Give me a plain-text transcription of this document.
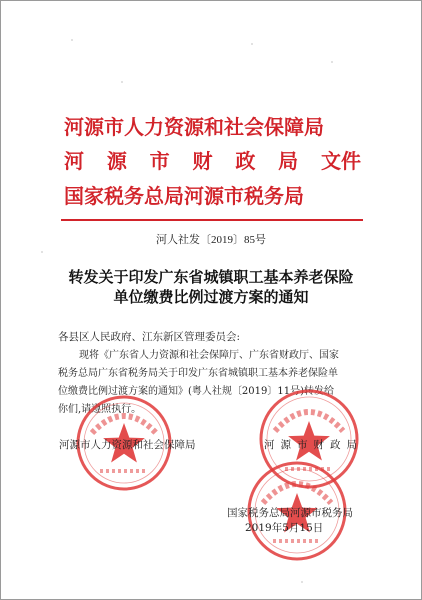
河源市人力资源和社会保障局
河 源 市 财 政 局 文件
国家税务总局河源市税务局
河人社发〔2019〕85号
转发关于印发广东省城镇职工基本养老保险
单位缴费比例过渡方案的通知
各县区人民政府、江东新区管理委员会:
现将《广东省人力资源和社会保障厅、广东省财政厅、国家
税务总局广东省税务局关于印发广东省城镇职工基本养老保险单
位缴费比例过渡方案的通知》(粤人社规〔2019〕11号)转发给
你们,请遵照执行。
河源市人力资源和社会保障局	河源市财政局
国家税务总局河源市税务局
2019年5月15日
